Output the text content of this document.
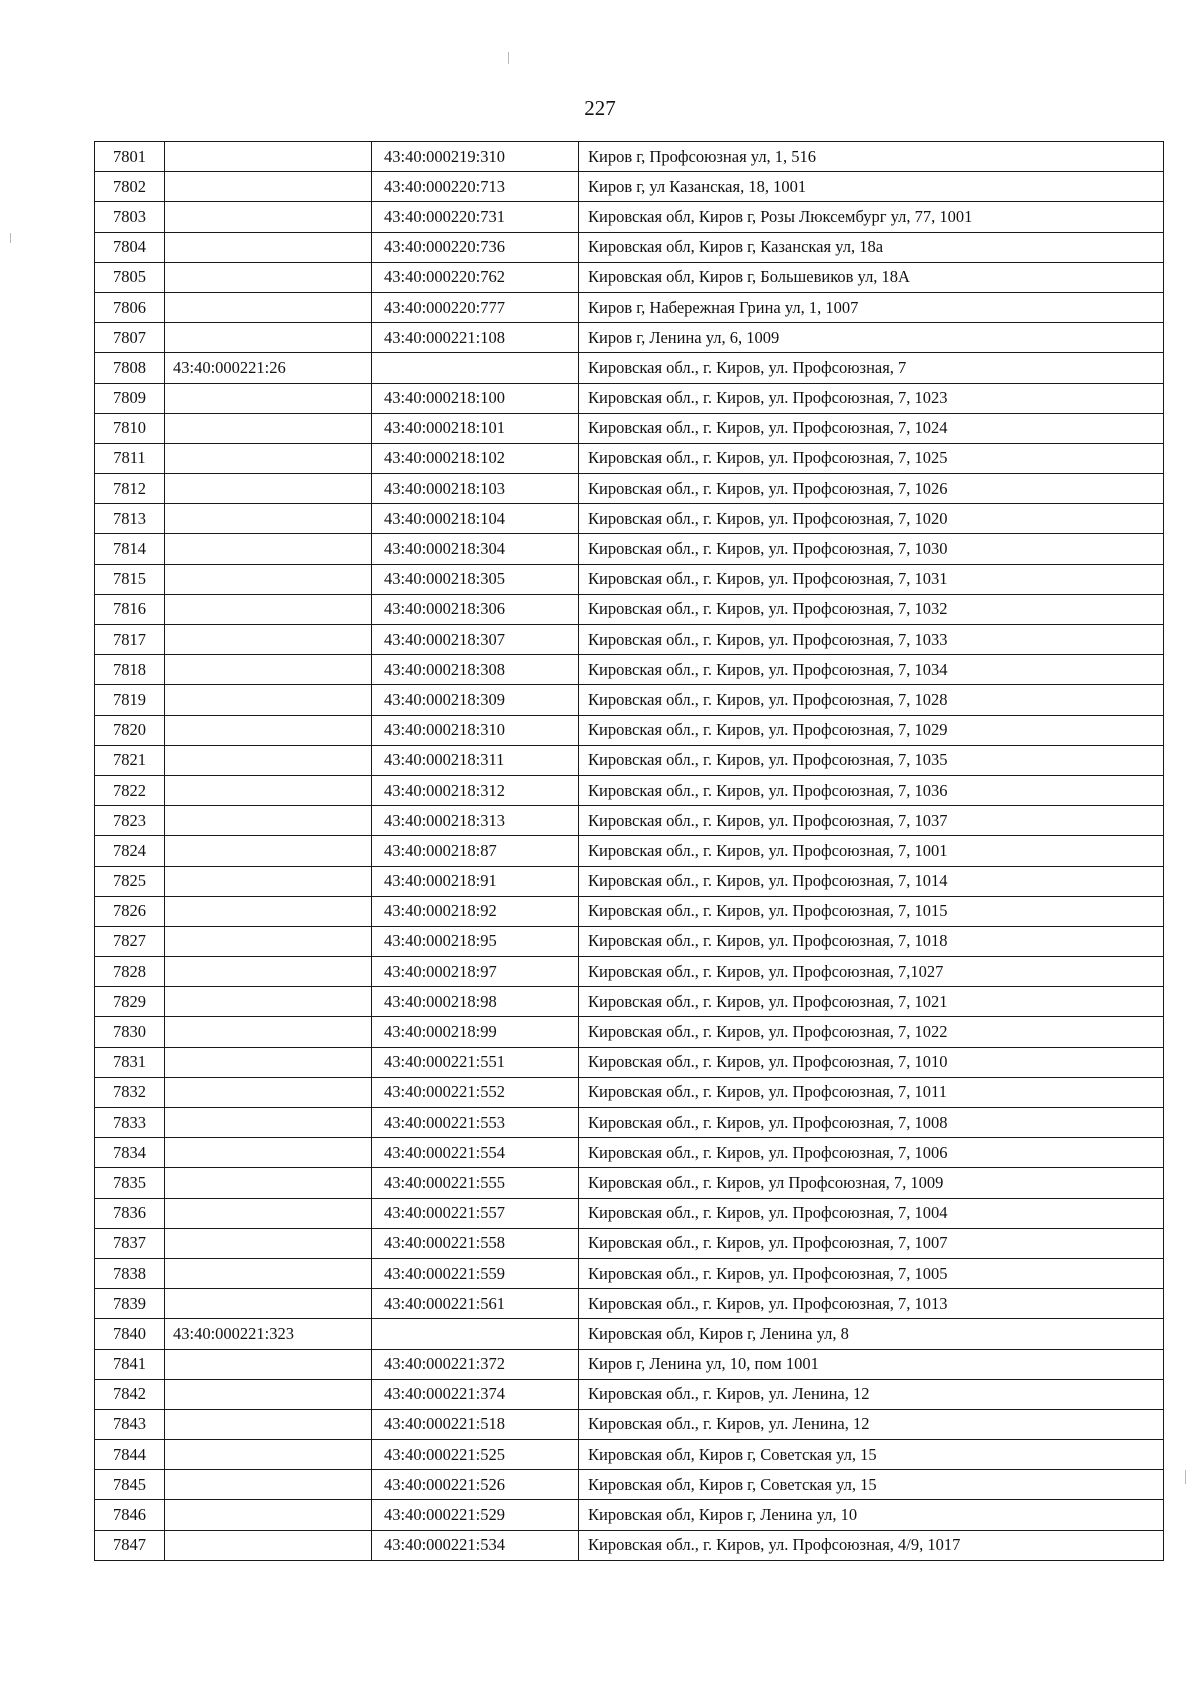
227
7801		43:40:000219:310	Киров г, Профсоюзная ул, 1, 516
7802		43:40:000220:713	Киров г, ул Казанская, 18, 1001
7803		43:40:000220:731	Кировская обл, Киров г, Розы Люксембург ул, 77, 1001
7804		43:40:000220:736	Кировская обл, Киров г, Казанская ул, 18а
7805		43:40:000220:762	Кировская обл, Киров г, Большевиков ул, 18А
7806		43:40:000220:777	Киров г, Набережная Грина ул, 1, 1007
7807		43:40:000221:108	Киров г, Ленина ул, 6, 1009
7808	43:40:000221:26		Кировская обл., г. Киров, ул. Профсоюзная, 7
7809		43:40:000218:100	Кировская обл., г. Киров, ул. Профсоюзная, 7, 1023
7810		43:40:000218:101	Кировская обл., г. Киров, ул. Профсоюзная, 7, 1024
7811		43:40:000218:102	Кировская обл., г. Киров, ул. Профсоюзная, 7, 1025
7812		43:40:000218:103	Кировская обл., г. Киров, ул. Профсоюзная, 7, 1026
7813		43:40:000218:104	Кировская обл., г. Киров, ул. Профсоюзная, 7, 1020
7814		43:40:000218:304	Кировская обл., г. Киров, ул. Профсоюзная, 7, 1030
7815		43:40:000218:305	Кировская обл., г. Киров, ул. Профсоюзная, 7, 1031
7816		43:40:000218:306	Кировская обл., г. Киров, ул. Профсоюзная, 7, 1032
7817		43:40:000218:307	Кировская обл., г. Киров, ул. Профсоюзная, 7, 1033
7818		43:40:000218:308	Кировская обл., г. Киров, ул. Профсоюзная, 7, 1034
7819		43:40:000218:309	Кировская обл., г. Киров, ул. Профсоюзная, 7, 1028
7820		43:40:000218:310	Кировская обл., г. Киров, ул. Профсоюзная, 7, 1029
7821		43:40:000218:311	Кировская обл., г. Киров, ул. Профсоюзная, 7, 1035
7822		43:40:000218:312	Кировская обл., г. Киров, ул. Профсоюзная, 7, 1036
7823		43:40:000218:313	Кировская обл., г. Киров, ул. Профсоюзная, 7, 1037
7824		43:40:000218:87	Кировская обл., г. Киров, ул. Профсоюзная, 7, 1001
7825		43:40:000218:91	Кировская обл., г. Киров, ул. Профсоюзная, 7, 1014
7826		43:40:000218:92	Кировская обл., г. Киров, ул. Профсоюзная, 7, 1015
7827		43:40:000218:95	Кировская обл., г. Киров, ул. Профсоюзная, 7, 1018
7828		43:40:000218:97	Кировская обл., г. Киров, ул. Профсоюзная, 7,1027
7829		43:40:000218:98	Кировская обл., г. Киров, ул. Профсоюзная, 7, 1021
7830		43:40:000218:99	Кировская обл., г. Киров, ул. Профсоюзная, 7, 1022
7831		43:40:000221:551	Кировская обл., г. Киров, ул. Профсоюзная, 7, 1010
7832		43:40:000221:552	Кировская обл., г. Киров, ул. Профсоюзная, 7, 1011
7833		43:40:000221:553	Кировская обл., г. Киров, ул. Профсоюзная, 7, 1008
7834		43:40:000221:554	Кировская обл., г. Киров, ул. Профсоюзная, 7, 1006
7835		43:40:000221:555	Кировская обл., г. Киров, ул Профсоюзная, 7, 1009
7836		43:40:000221:557	Кировская обл., г. Киров, ул. Профсоюзная, 7, 1004
7837		43:40:000221:558	Кировская обл., г. Киров, ул. Профсоюзная, 7, 1007
7838		43:40:000221:559	Кировская обл., г. Киров, ул. Профсоюзная, 7, 1005
7839		43:40:000221:561	Кировская обл., г. Киров, ул. Профсоюзная, 7, 1013
7840	43:40:000221:323		Кировская обл, Киров г, Ленина ул, 8
7841		43:40:000221:372	Киров г, Ленина ул, 10, пом 1001
7842		43:40:000221:374	Кировская обл., г. Киров, ул. Ленина, 12
7843		43:40:000221:518	Кировская обл., г. Киров, ул. Ленина, 12
7844		43:40:000221:525	Кировская обл, Киров г, Советская ул, 15
7845		43:40:000221:526	Кировская обл, Киров г, Советская ул, 15
7846		43:40:000221:529	Кировская обл, Киров г, Ленина ул, 10
7847		43:40:000221:534	Кировская обл., г. Киров, ул. Профсоюзная, 4/9, 1017
